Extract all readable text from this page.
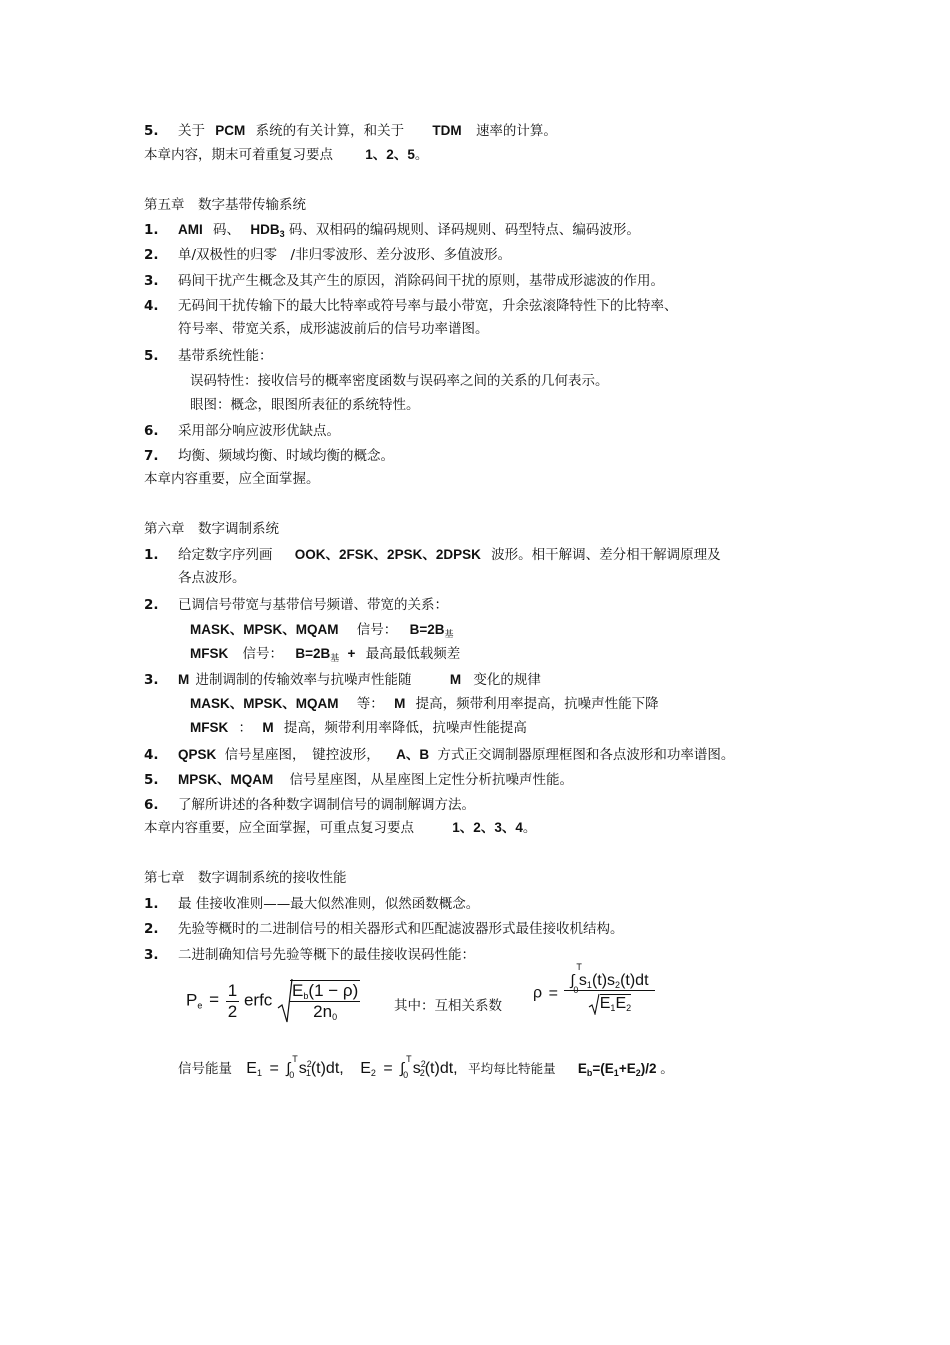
5. 关于 PCM 系统的有关计算，和关于 TDM 速率的计算。
本章内容，期末可着重复习要点 1、2、5。
第五章　数字基带传输系统
1. AMI 码、 $HDB_3$ 码、双相码的编码规则、译码规则、码型特点、编码波形。
2. 单/双极性的归零　/非归零波形、差分波形、多值波形。
3. 码间干扰产生概念及其产生的原因，消除码间干扰的原则，基带成形滤波的作用。
4. 无码间干扰传输下的最大比特率或符号率与最小带宽，升余弦滚降特性下的比特率、
符号率、带宽关系，成形滤波前后的信号功率谱图。
5. 基带系统性能：
误码特性：接收信号的概率密度函数与误码率之间的关系的几何表示。
眼图：概念，眼图所表征的系统特性。
6. 采用部分响应波形优缺点。
7. 均衡、频域均衡、时域均衡的概念。
本章内容重要，应全面掌握。
第六章　数字调制系统
1. 给定数字序列画 OOK、2FSK、2PSK、2DPSK 波形。相干解调、差分相干解调原理及
各点波形。
2. 已调信号带宽与基带信号频谱、带宽的关系：
MASK、MPSK、MQAM 信号： $B=2B_基$
MFSK 信号： $B=2B_基$ + 最高最低载频差
3. M 进制调制的传输效率与抗噪声性能随	M 变化的规律
MASK、MPSK、MQAM 等： M 提高，频带利用率提高，抗噪声性能下降
MFSK ： M 提高，频带利用率降低，抗噪声性能提高
4. QPSK 信号星座图，　键控波形， A、B 方式正交调制器原理框图和各点波形和功率谱图。
5. MPSK、MQAM 信号星座图，从星座图上定性分析抗噪声性能。
6. 了解所讲述的各种数字调制信号的调制解调方法。
本章内容重要，应全面掌握，可重点复习要点	1、2、3、4。
第七章　数字调制系统的接收性能
1. 最 佳接收准则——最大似然准则，似然函数概念。
2. 先验等概时的二进制信号的相关器形式和匹配滤波器形式最佳接收机结构。
3. 二进制确知信号先验等概下的最佳接收误码性能：
$P_e = \frac{1}{2}$ erfc $\frac{E_b(1 - \rho)}{2n_0}$	其中：互相关系数
ρ = ∫
T
0
$s_1(t)s_2(t)dt$
$E_1E_2$
信号能量 $E_1$ = ∫
T
0 $s^2_1(t)dt$, $E_2$ = ∫
T
0 $s^2_2(t)dt$, 平均每比特能量 $E_b=(E_1+E_2)/2$ 。
